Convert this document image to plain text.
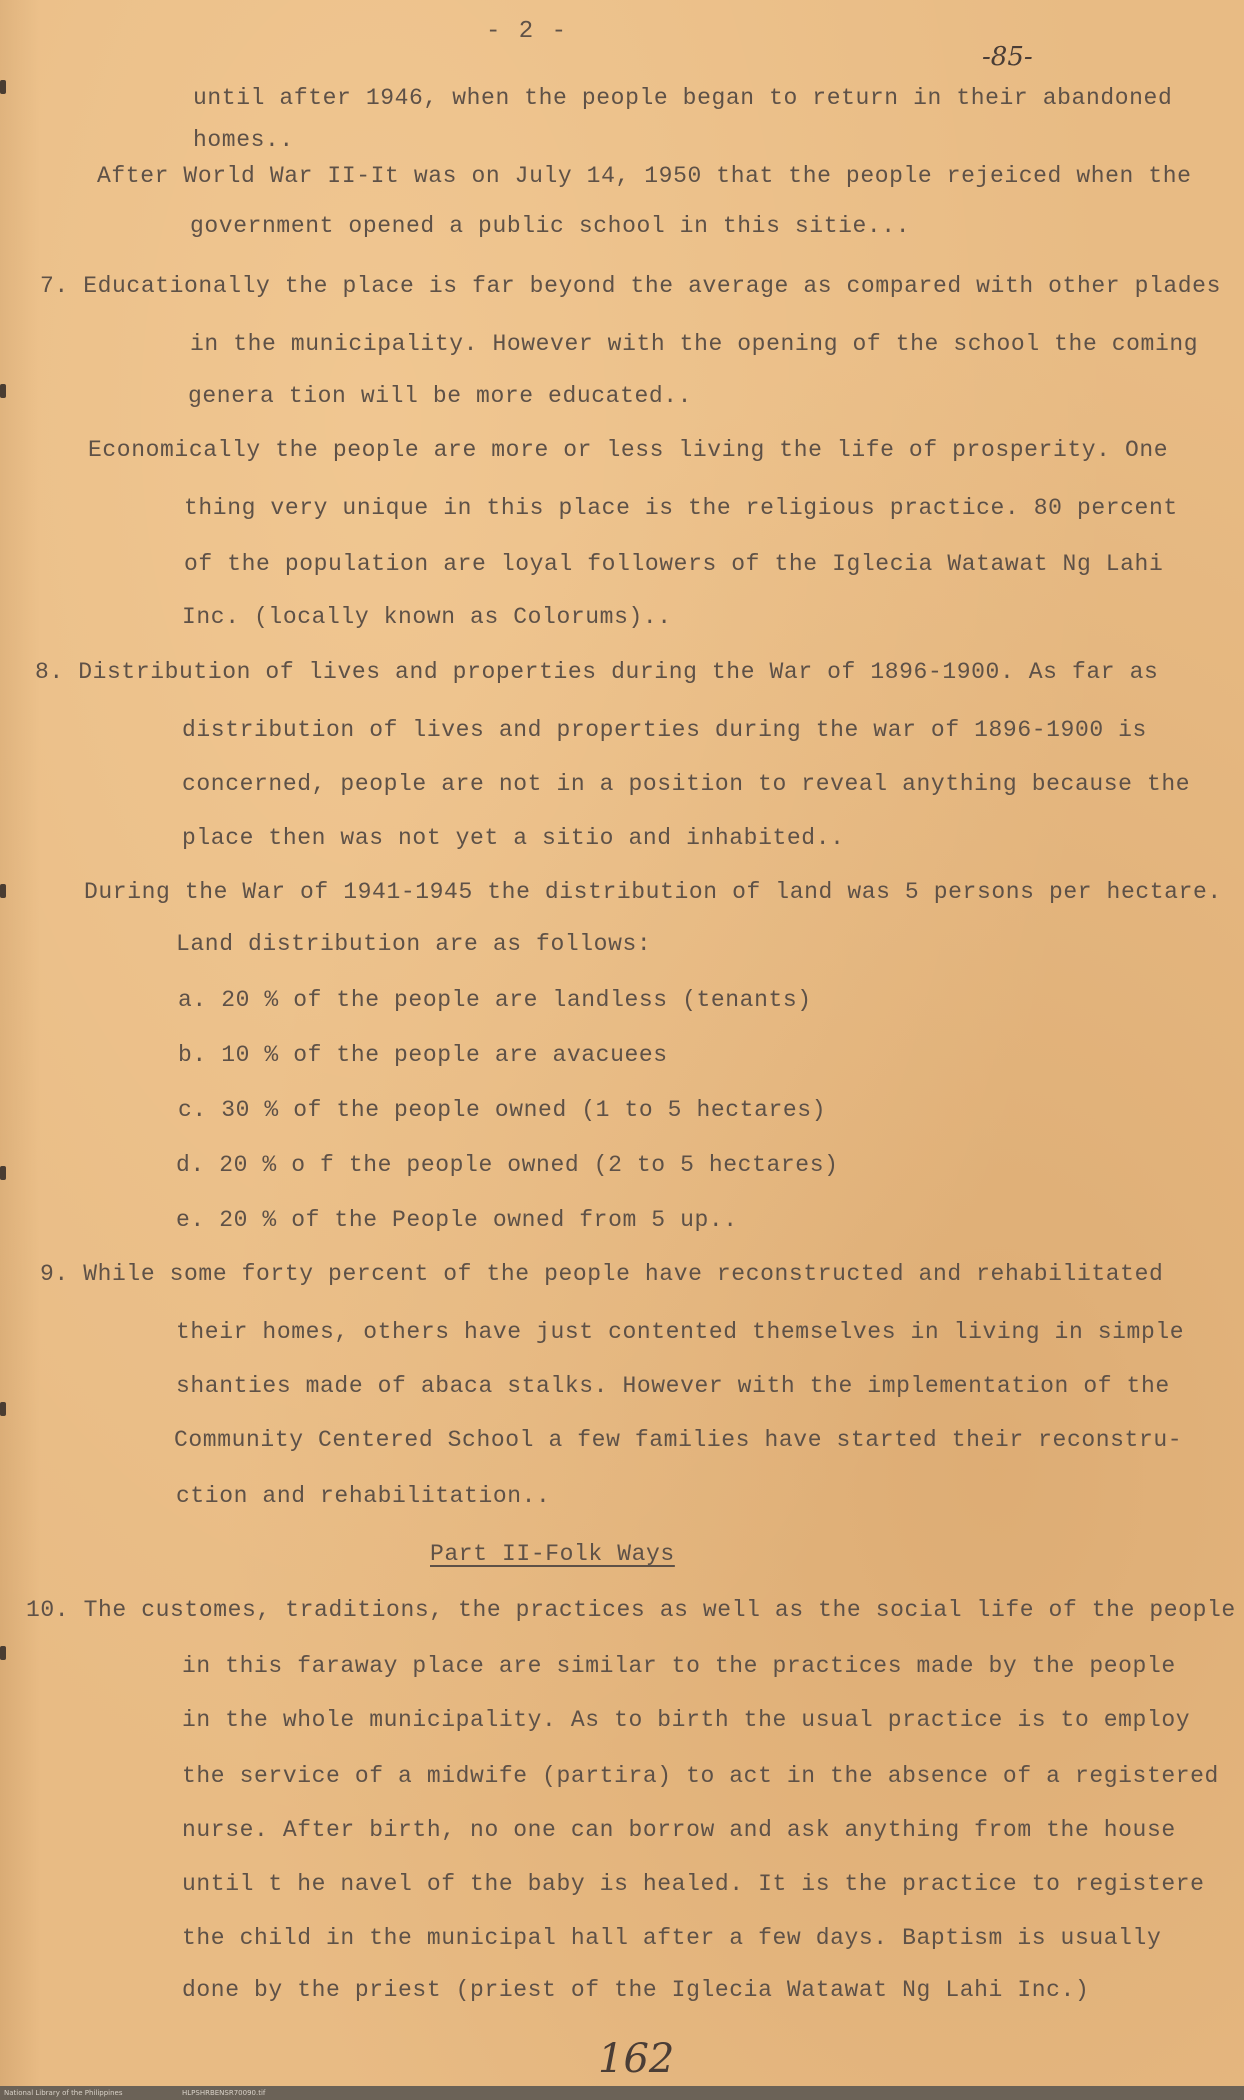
- 2 -
-85-
until after 1946, when the people began to return in their abandoned
homes..
After World War II-It was on July 14, 1950 that the people rejeiced when the
government opened a public school in this sitie...
7. Educationally the place is far beyond the average as compared with other plades
in the municipality. However with the opening of the school the coming
genera tion will be more educated..
Economically the people are more or less living the life of prosperity. One
thing very unique in this place is the religious practice. 80 percent
of the population are loyal followers of the Iglecia Watawat Ng Lahi
Inc. (locally known as Colorums)..
8. Distribution of lives and properties during the War of 1896-1900. As far as
distribution of lives and properties during the war of 1896-1900 is
concerned, people are not in a position to reveal anything because the
place then was not yet a sitio and inhabited..
During the War of 1941-1945 the distribution of land was 5 persons per hectare.
Land distribution are as follows:
a. 20 % of the people are landless (tenants)
b. 10 % of the people are avacuees
c. 30 % of the people owned (1 to 5 hectares)
d. 20 % o f the people owned (2 to 5 hectares)
e. 20 % of the People owned from 5 up..
9. While some forty percent of the people have reconstructed and rehabilitated
their homes, others have just contented themselves in living in simple
shanties made of abaca stalks. However with the implementation of the
Community Centered School a few families have started their reconstru-
ction and rehabilitation..
Part II-Folk Ways
10. The customes, traditions, the practices as well as the social life of the people
in this faraway place are similar to the practices made by the people
in the whole municipality. As to birth the usual practice is to employ
the service of a midwife (partira) to act in the absence of a registered
nurse. After birth, no one can borrow and ask anything from the house
until t he navel of the baby is healed. It is the practice to registere
the child in the municipal hall after a few days. Baptism is usually
done by the priest (priest of the Iglecia Watawat Ng Lahi Inc.)
162
National Library of the Philippines	HLPSHRBENSR70090.tif
